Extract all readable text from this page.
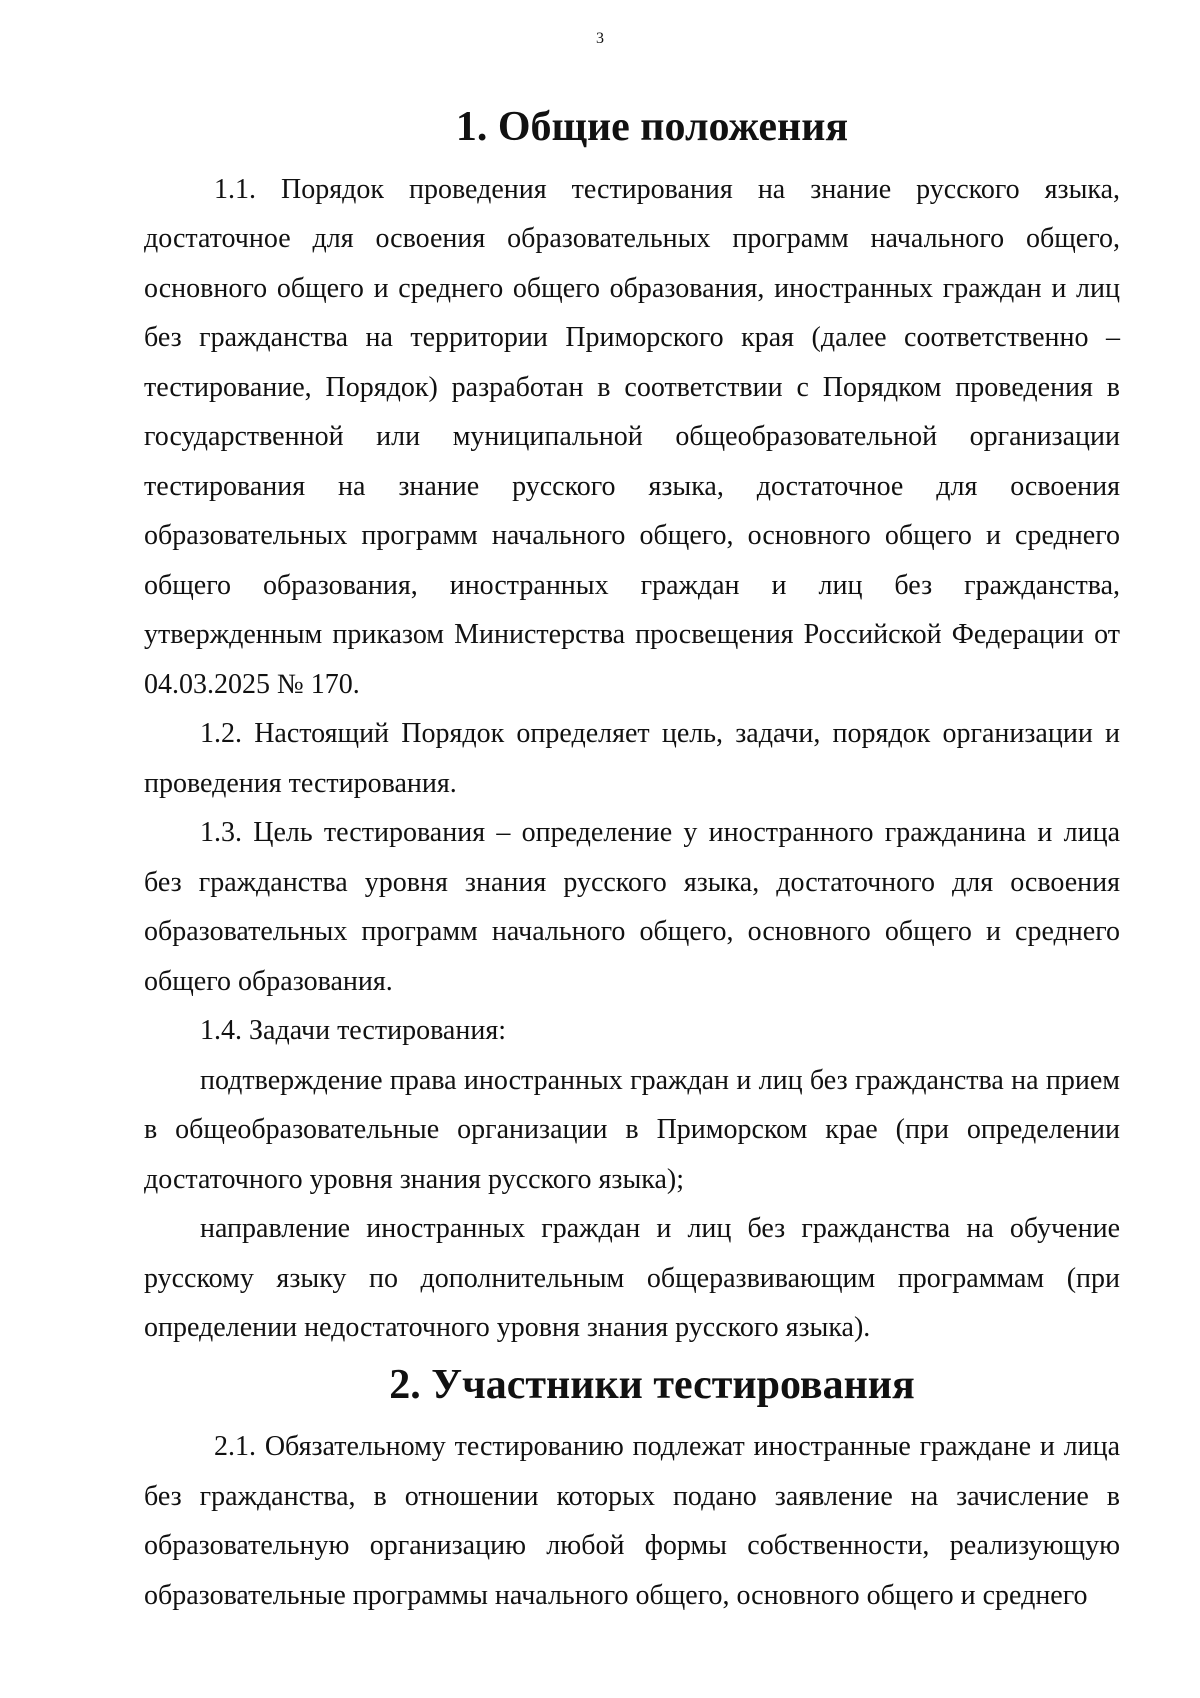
3
1. Общие положения

1.1. Порядок проведения тестирования на знание русского языка, достаточное для освоения образовательных программ начального общего, основного общего и среднего общего образования, иностранных граждан и лиц без гражданства на территории Приморского края (далее соответственно – тестирование, Порядок) разработан в соответствии с Порядком проведения в государственной или муниципальной общеобразовательной организации тестирования на знание русского языка, достаточное для освоения образовательных программ начального общего, основного общего и среднего общего образования, иностранных граждан и лиц без гражданства, утвержденным приказом Министерства просвещения Российской Федерации от 04.03.2025 № 170.

1.2. Настоящий Порядок определяет цель, задачи, порядок организации и проведения тестирования.

1.3. Цель тестирования – определение у иностранного гражданина и лица без гражданства уровня знания русского языка, достаточного для освоения образовательных программ начального общего, основного общего и среднего общего образования.

1.4. Задачи тестирования:

подтверждение права иностранных граждан и лиц без гражданства на прием в общеобразовательные организации в Приморском крае (при определении достаточного уровня знания русского языка);

направление иностранных граждан и лиц без гражданства на обучение русскому языку по дополнительным общеразвивающим программам (при определении недостаточного уровня знания русского языка).

2. Участники тестирования

2.1. Обязательному тестированию подлежат иностранные граждане и лица без гражданства, в отношении которых подано заявление на зачисление в образовательную организацию любой формы собственности, реализующую образовательные программы начального общего, основного общего и среднего
